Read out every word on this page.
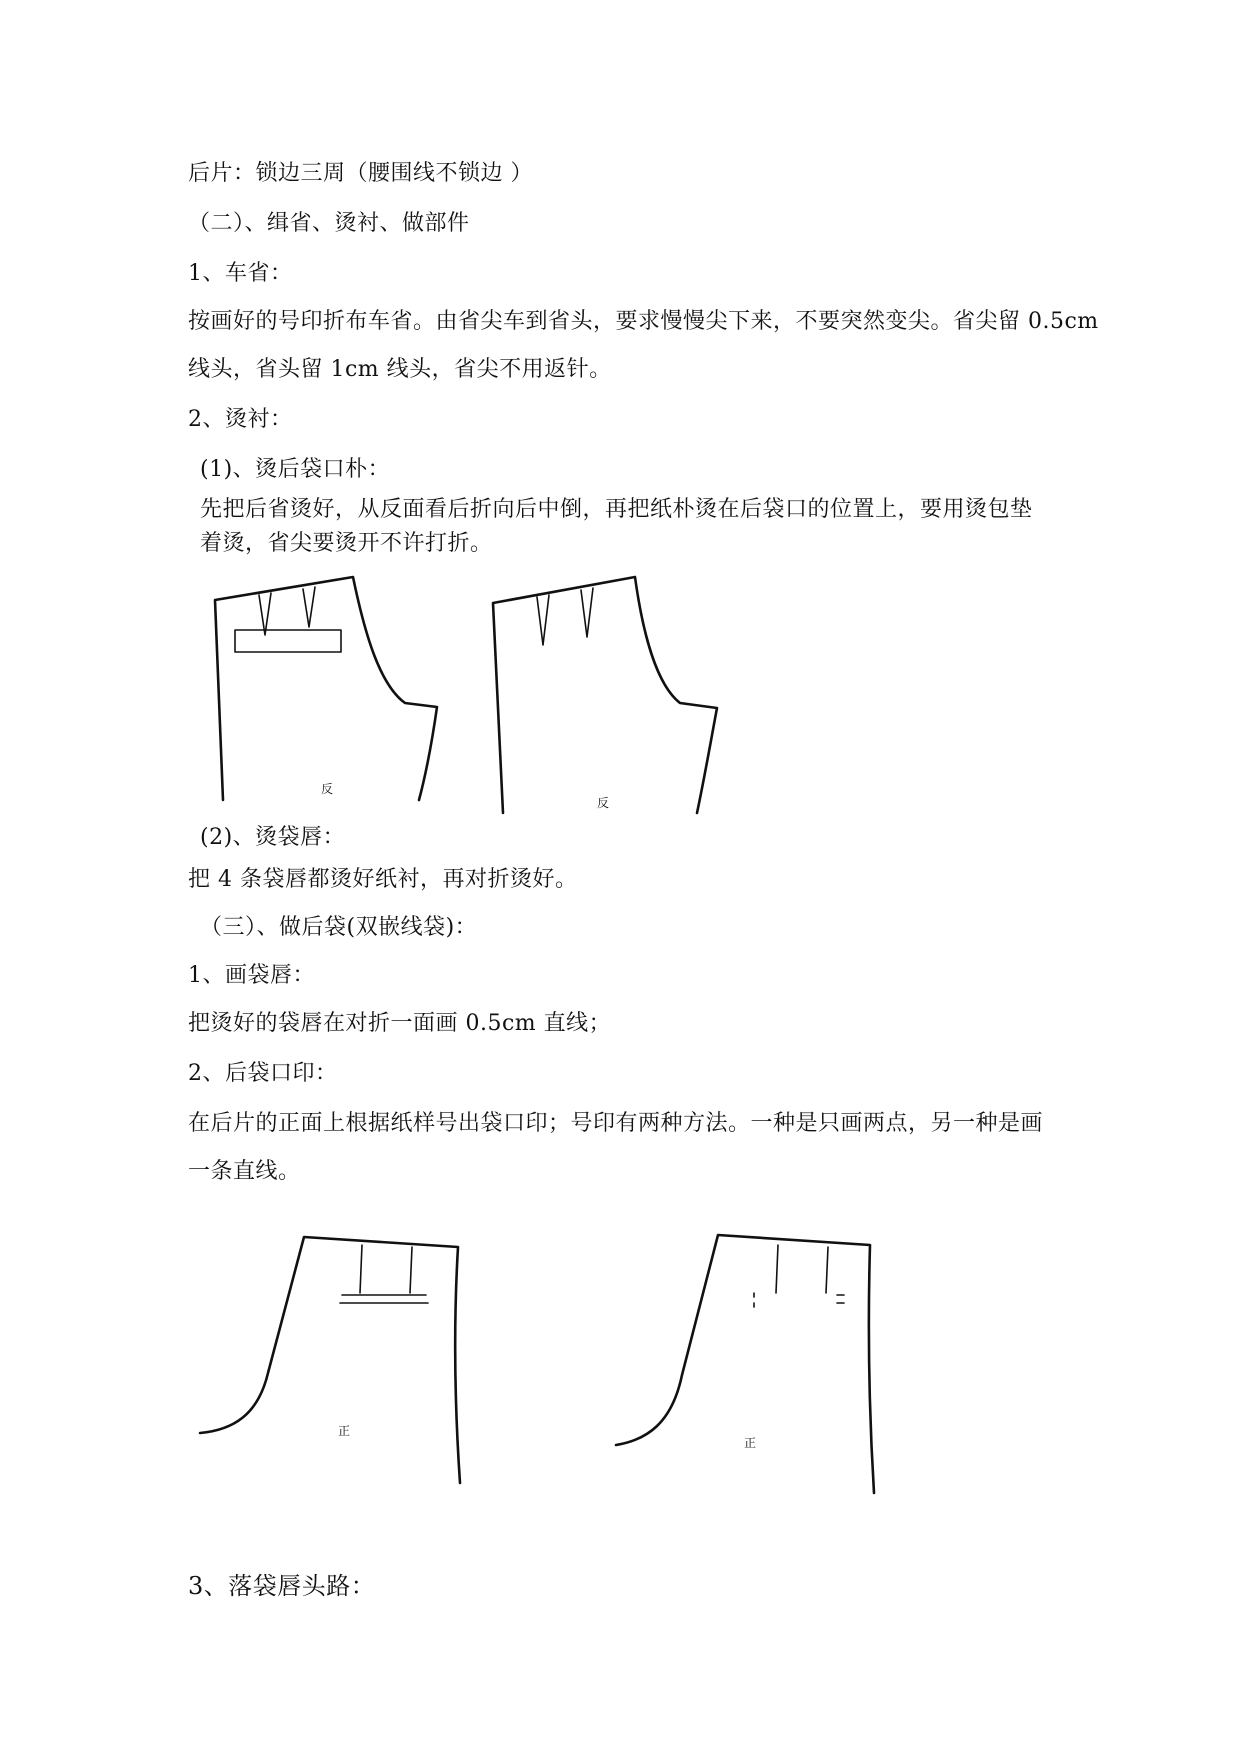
后片：锁边三周（腰围线不锁边 ）
（二）、缉省、烫衬、做部件
1、车省：
按画好的号印折布车省。由省尖车到省头，要求慢慢尖下来，不要突然变尖。省尖留 0.5cm
线头，省头留 1cm 线头，省尖不用返针。
2、烫衬：
(1)、烫后袋口朴：
先把后省烫好，从反面看后折向后中倒，再把纸朴烫在后袋口的位置上，要用烫包垫
着烫，省尖要烫开不许打折。
反
反
(2)、烫袋唇：
把 4 条袋唇都烫好纸衬，再对折烫好。
（三）、做后袋(双嵌线袋)：
1、画袋唇：
把烫好的袋唇在对折一面画 0.5cm 直线；
2、后袋口印：
在后片的正面上根据纸样号出袋口印；号印有两种方法。一种是只画两点，另一种是画
一条直线。
正
正
3、落袋唇头路：
